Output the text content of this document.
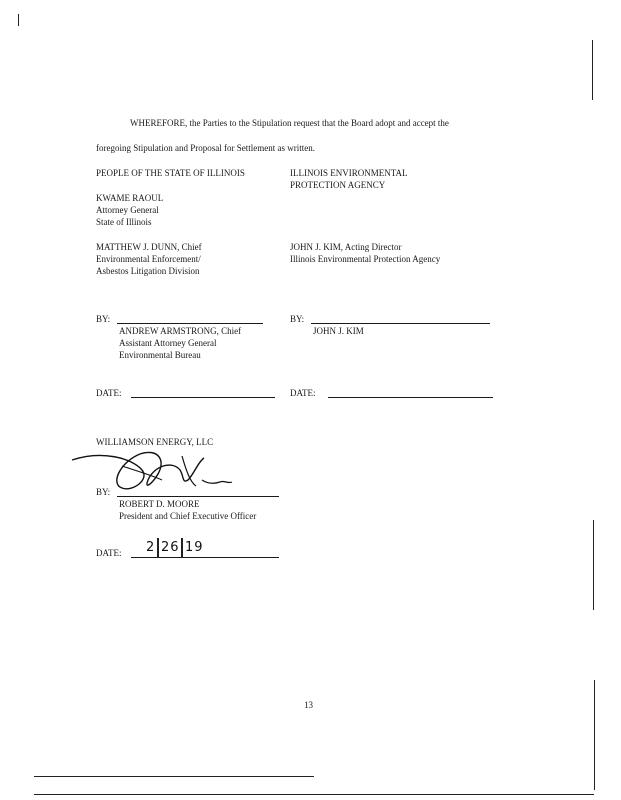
WHEREFORE, the Parties to the Stipulation request that the Board adopt and accept the
foregoing Stipulation and Proposal for Settlement as written.
PEOPLE OF THE STATE OF ILLINOIS
KWAME RAOUL
Attorney General
State of Illinois
MATTHEW J. DUNN, Chief
Environmental Enforcement/
Asbestos Litigation Division
BY:
ANDREW ARMSTRONG, Chief
Assistant Attorney General
Environmental Bureau
DATE:
ILLINOIS ENVIRONMENTAL
PROTECTION AGENCY
JOHN J. KIM, Acting Director
Illinois Environmental Protection Agency
BY:
JOHN J. KIM
DATE:
WILLIAMSON ENERGY, LLC
BY:
ROBERT D. MOORE
President and Chief Executive Officer
DATE: 2 26 19
13
